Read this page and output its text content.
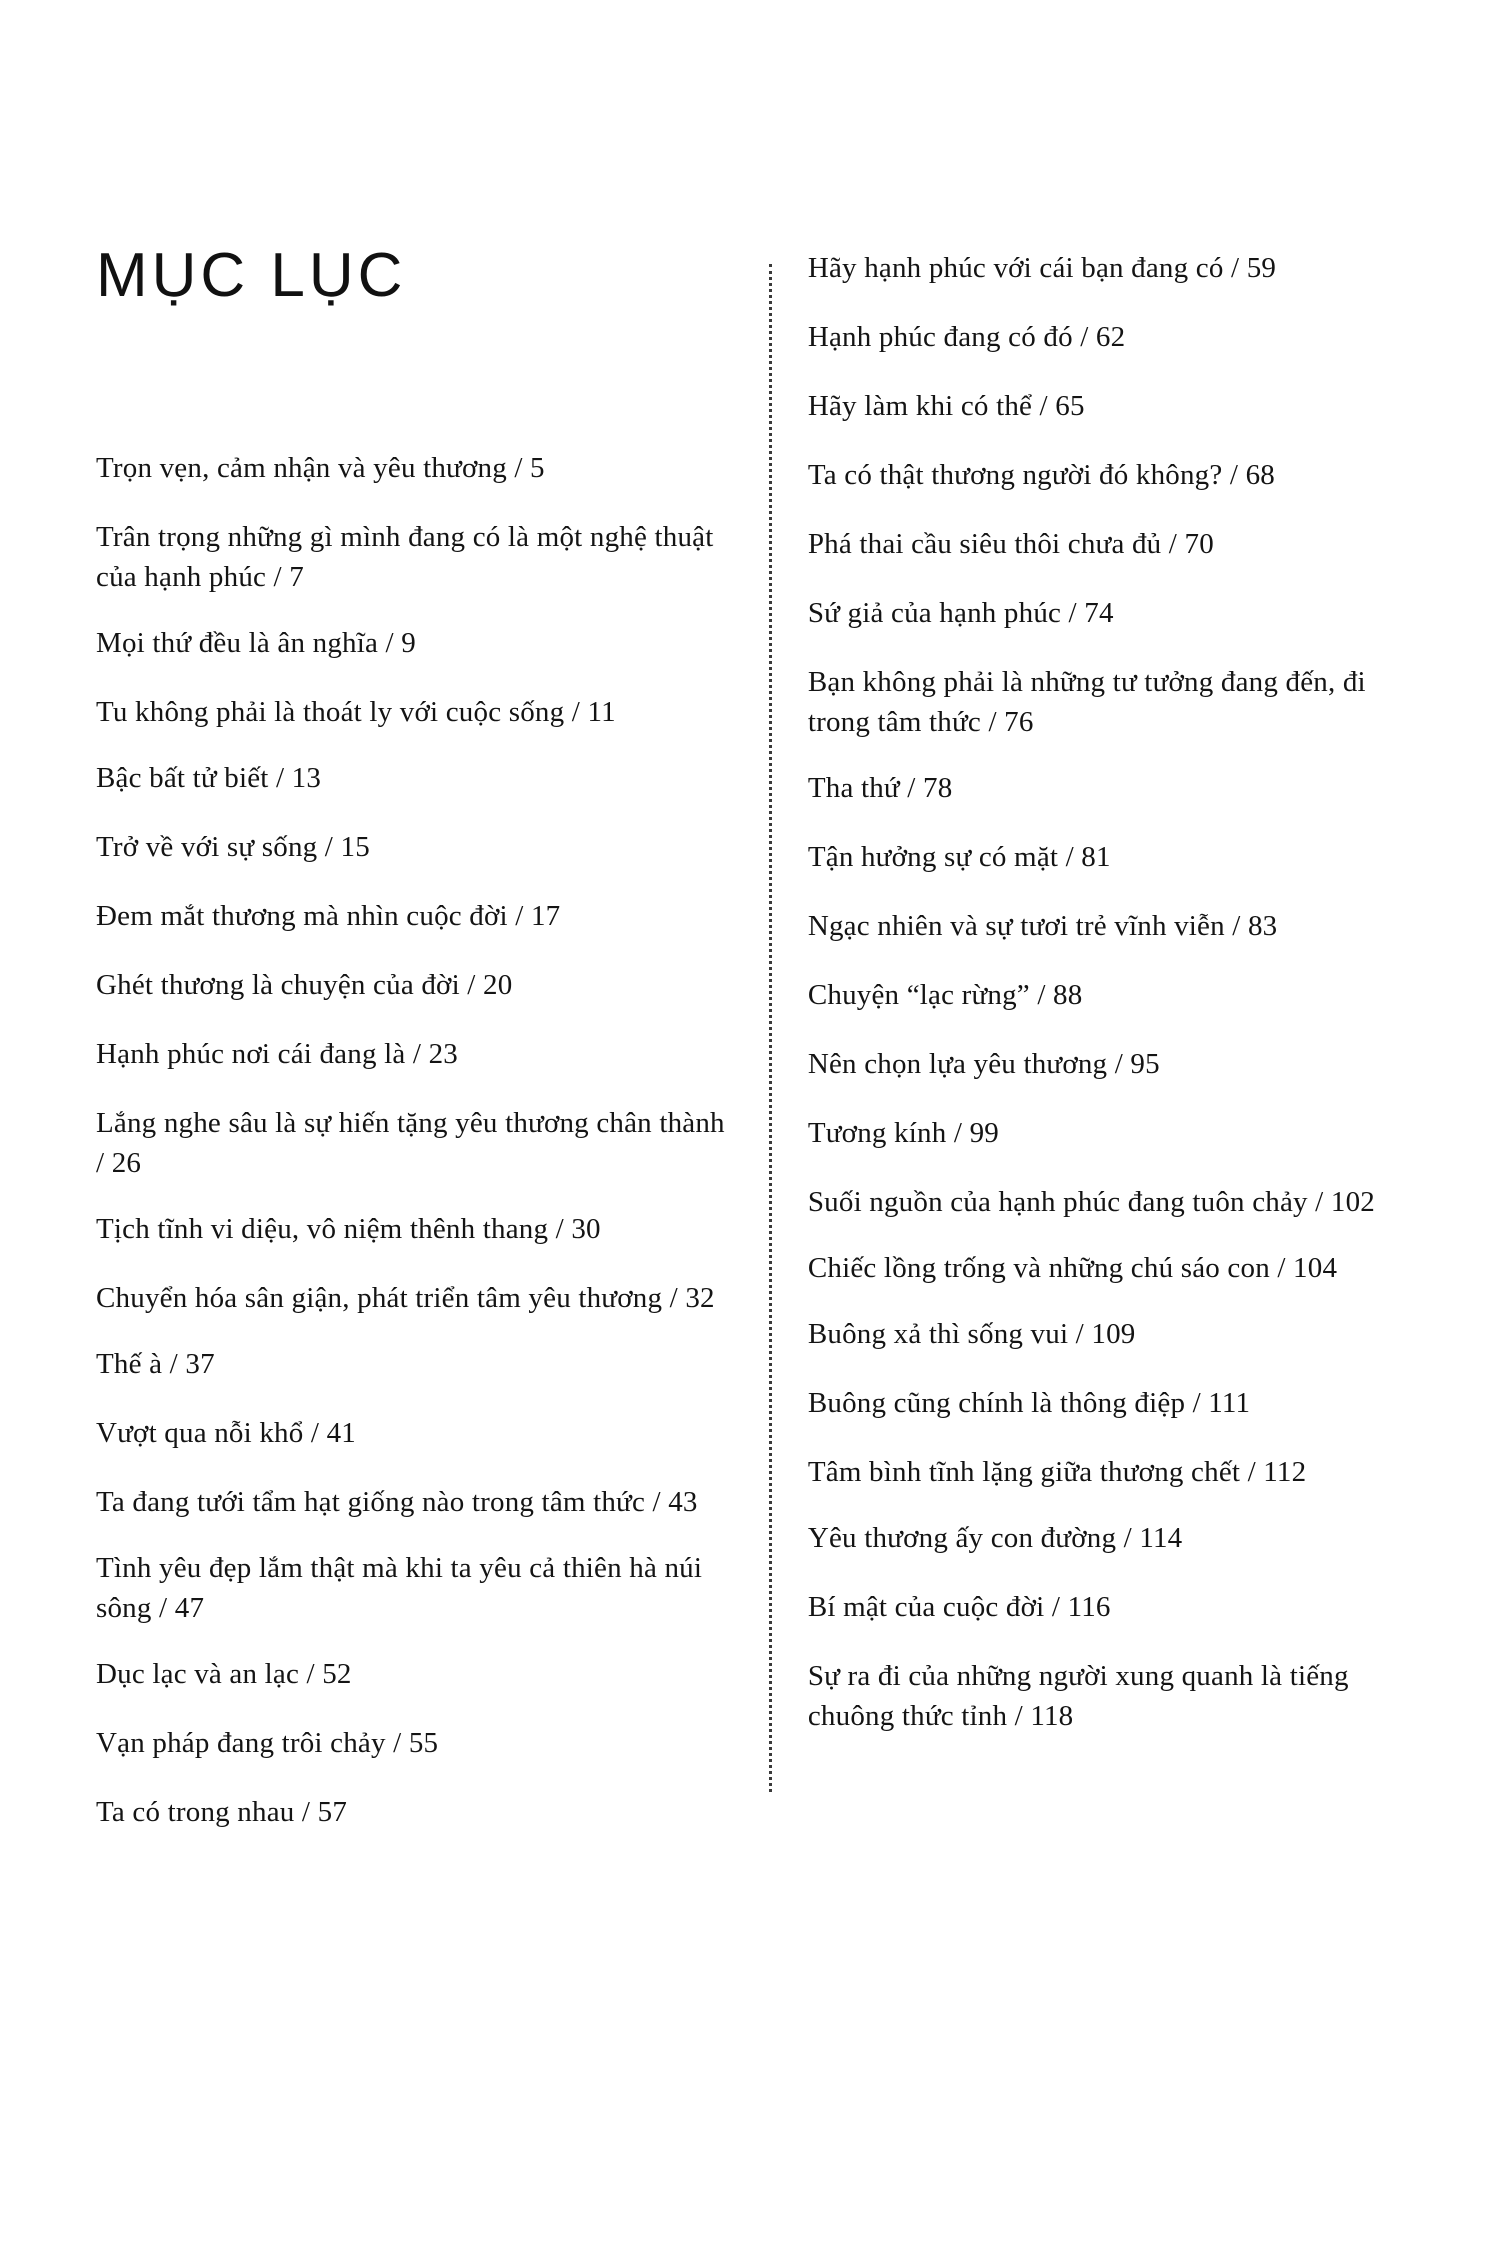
MỤC LỤC
Trọn vẹn, cảm nhận và yêu thương / 5
Trân trọng những gì mình đang có là một nghệ thuật của hạnh phúc / 7
Mọi thứ đều là ân nghĩa / 9
Tu không phải là thoát ly với cuộc sống / 11
Bậc bất tử biết / 13
Trở về với sự sống / 15
Đem mắt thương mà nhìn cuộc đời / 17
Ghét thương là chuyện của đời / 20
Hạnh phúc nơi cái đang là / 23
Lắng nghe sâu là sự hiến tặng yêu thương chân thành / 26
Tịch tĩnh vi diệu, vô niệm thênh thang / 30
Chuyển hóa sân giận, phát triển tâm yêu thương / 32
Thế à / 37
Vượt qua nỗi khổ / 41
Ta đang tưới tẩm hạt giống nào trong tâm thức / 43
Tình yêu đẹp lắm thật mà khi ta yêu cả thiên hà núi sông / 47
Dục lạc và an lạc / 52
Vạn pháp đang trôi chảy / 55
Ta có trong nhau / 57
Hãy hạnh phúc với cái bạn đang có / 59
Hạnh phúc đang có đó / 62
Hãy làm khi có thể / 65
Ta có thật thương người đó không? / 68
Phá thai cầu siêu thôi chưa đủ / 70
Sứ giả của hạnh phúc / 74
Bạn không phải là những tư tưởng đang đến, đi trong tâm thức / 76
Tha thứ / 78
Tận hưởng sự có mặt / 81
Ngạc nhiên và sự tươi trẻ vĩnh viễn / 83
Chuyện “lạc rừng” / 88
Nên chọn lựa yêu thương / 95
Tương kính / 99
Suối nguồn của hạnh phúc đang tuôn chảy / 102
Chiếc lồng trống và những chú sáo con / 104
Buông xả thì sống vui / 109
Buông cũng chính là thông điệp / 111
Tâm bình tĩnh lặng giữa thương chết / 112
Yêu thương ấy con đường / 114
Bí mật của cuộc đời / 116
Sự ra đi của những người xung quanh là tiếng chuông thức tỉnh / 118
